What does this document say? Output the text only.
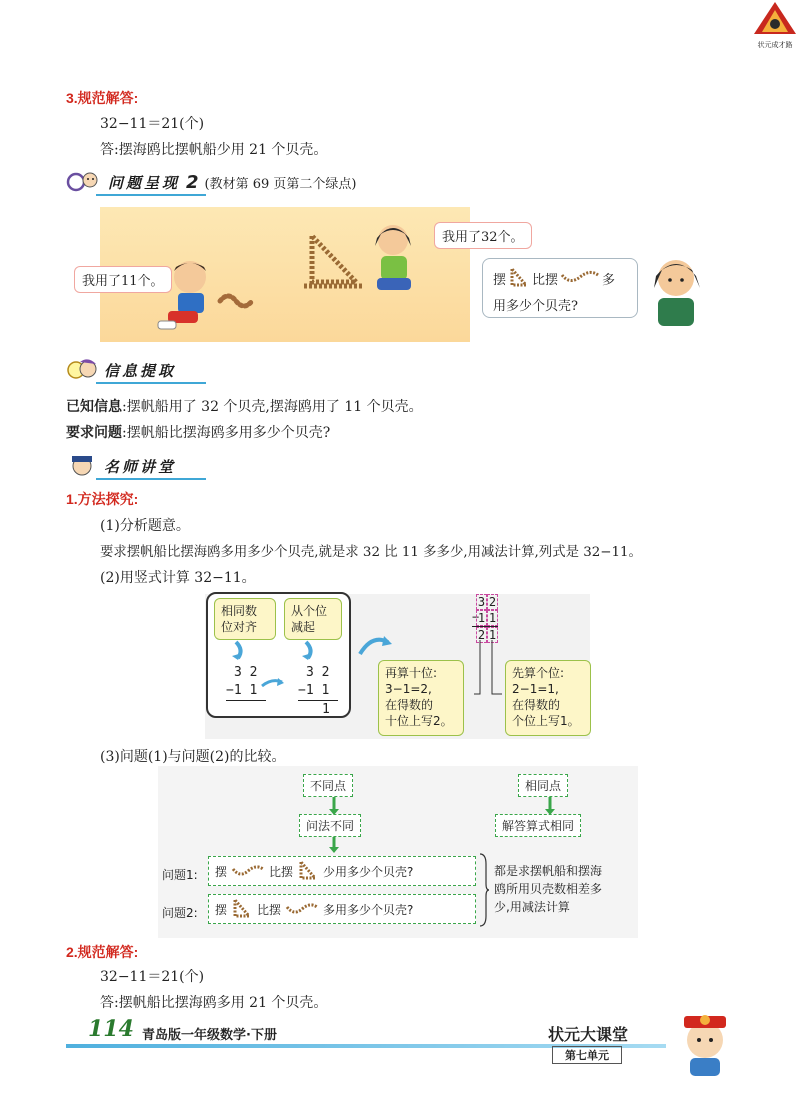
状元成才路
3.规范解答:
32−11＝21(个)
答:摆海鸥比摆帆船少用 21 个贝壳。
问题呈现 2 (教材第 69 页第二个绿点)
我用了11个。
我用了32个。
摆 比摆	多
用多少个贝壳?
信息提取
已知信息:摆帆船用了 32 个贝壳,摆海鸥用了 11 个贝壳。
要求问题:摆帆船比摆海鸥多用多少个贝壳?
名师讲堂
1.方法探究:
(1)分析题意。
要求摆帆船比摆海鸥多用多少个贝壳,就是求 32 比 11 多多少,用减法计算,列式是 32−11。
(2)用竖式计算 32−11。
相同数
位对齐
从个位
减起
3 2
−1 1
3 2
−1 1
1
再算十位:
3−1=2,
在得数的
十位上写2。
先算个位:
2−1=1,
在得数的
个位上写1。
3 2
−
1 1
2 1
(3)问题(1)与问题(2)的比较。
不同点
问法不同
相同点
解答算式相同
问题1: 摆	比摆	少用多少个贝壳?
问题2: 摆	比摆	多用多少个贝壳?
都是求摆帆船和摆海
鸥所用贝壳数相差多
少,用减法计算
2.规范解答:
32−11＝21(个)
答:摆帆船比摆海鸥多用 21 个贝壳。
114 青岛版一年级数学·下册	状元大课堂
第七单元
